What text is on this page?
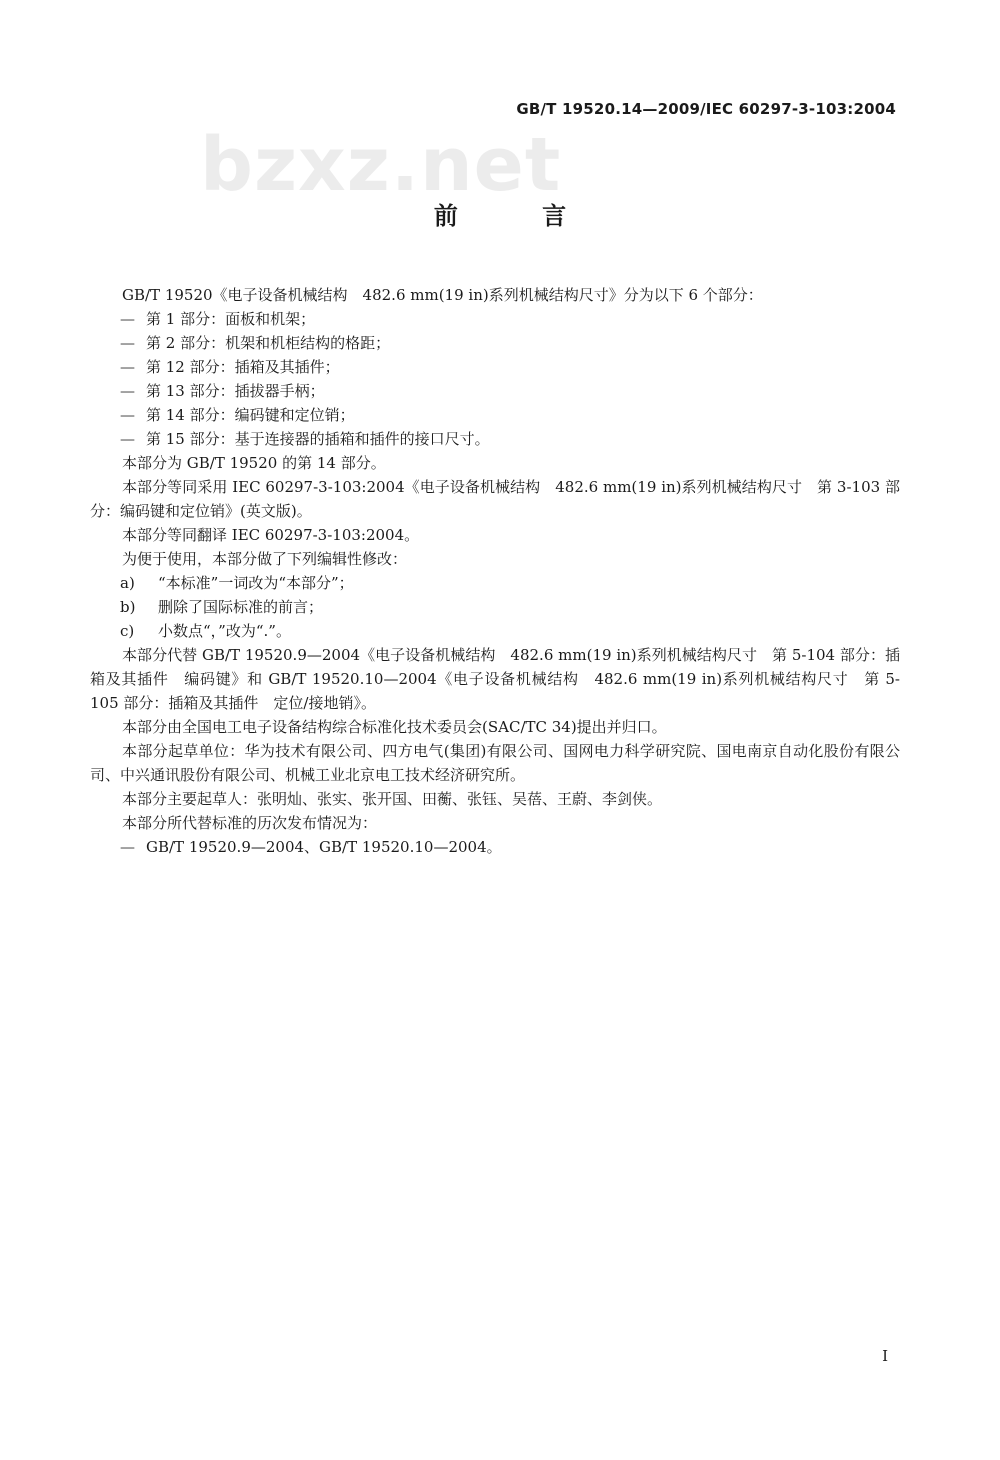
GB/T 19520.14—2009/IEC 60297-3-103:2004
bzxz.net
前 言

GB/T 19520《电子设备机械结构　482.6 mm(19 in)系列机械结构尺寸》分为以下 6 个部分：

— 第 1 部分：面板和机架；

— 第 2 部分：机架和机柜结构的格距；

— 第 12 部分：插箱及其插件；

— 第 13 部分：插拔器手柄；

— 第 14 部分：编码键和定位销；

— 第 15 部分：基于连接器的插箱和插件的接口尺寸。

本部分为 GB/T 19520 的第 14 部分。

本部分等同采用 IEC 60297-3-103:2004《电子设备机械结构　482.6 mm(19 in)系列机械结构尺寸　第 3-103 部分：编码键和定位销》(英文版)。

本部分等同翻译 IEC 60297-3-103:2004。

为便于使用，本部分做了下列编辑性修改：

a) “本标准”一词改为“本部分”；

b) 删除了国际标准的前言；

c) 小数点“，”改为“.”。

本部分代替 GB/T 19520.9—2004《电子设备机械结构　482.6 mm(19 in)系列机械结构尺寸　第 5-104 部分：插箱及其插件　编码键》和 GB/T 19520.10—2004《电子设备机械结构　482.6 mm(19 in)系列机械结构尺寸　第 5-105 部分：插箱及其插件　定位/接地销》。

本部分由全国电工电子设备结构综合标准化技术委员会(SAC/TC 34)提出并归口。

本部分起草单位：华为技术有限公司、四方电气(集团)有限公司、国网电力科学研究院、国电南京自动化股份有限公司、中兴通讯股份有限公司、机械工业北京电工技术经济研究所。

本部分主要起草人：张明灿、张实、张开国、田蘅、张钰、吴蓓、王蔚、李剑侠。

本部分所代替标准的历次发布情况为：

— GB/T 19520.9—2004、GB/T 19520.10—2004。

I
